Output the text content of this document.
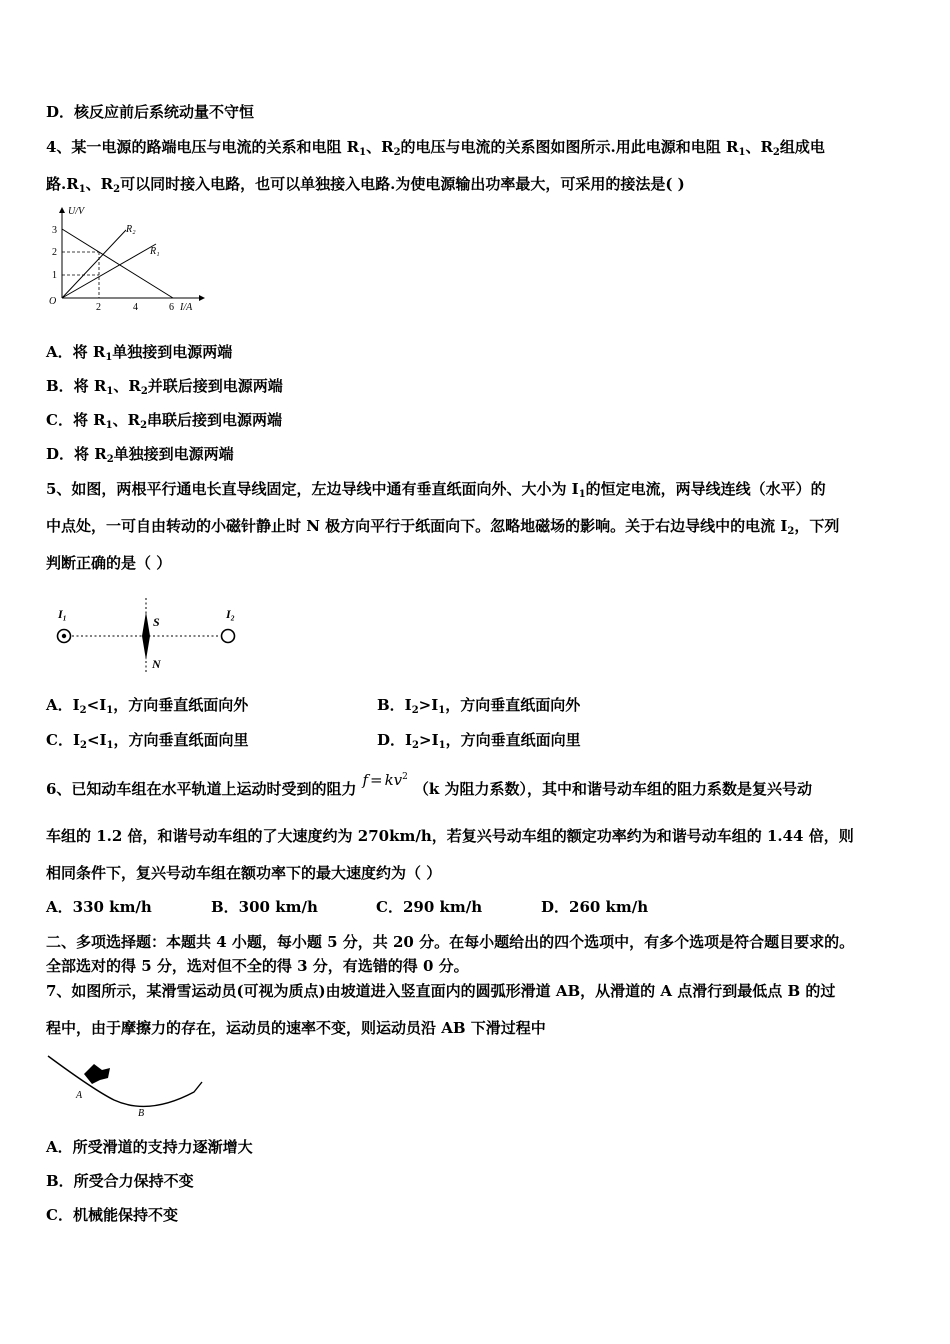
D．核反应前后系统动量不守恒
4、某一电源的路端电压与电流的关系和电阻 $R_1$、$R_2$的电压与电流的关系图如图所示.用此电源和电阻 $R_1$、$R_2$组成电
路$.R_1$、$R_2$可以同时接入电路，也可以单独接入电路.为使电源输出功率最大，可采用的接法是( )
U/V
I/A
O
1
2
3
2	4	6
R₂
R₁
A．将 $R_1$单独接到电源两端
B．将 $R_1$、$R_2$并联后接到电源两端
C．将 $R_1$、$R_2$串联后接到电源两端
D．将 $R_2$单独接到电源两端
5、如图，两根平行通电长直导线固定，左边导线中通有垂直纸面向外、大小为 $I_1$的恒定电流，两导线连线（水平）的
中点处，一可自由转动的小磁针静止时 N 极方向平行于纸面向下。忽略地磁场的影响。关于右边导线中的电流 $I_2$，下列
判断正确的是（ ）
I₁	I₂
S
N
A．$I_2<I_1$，方向垂直纸面向外	B．$I_2>I_1$，方向垂直纸面向外
C．$I_2<I_1$，方向垂直纸面向里	D．$I_2>I_1$，方向垂直纸面向里
6、已知动车组在水平轨道上运动时受到的阻力 $f = kv^2(k$ 为阻力系数），其中和谐号动车组的阻力系数是复兴号动
车组的 1.2 倍，和谐号动车组的了大速度约为 270km/h，若复兴号动车组的额定功率约为和谐号动车组的 1.44 倍，则
相同条件下，复兴号动车组在额功率下的最大速度约为（ ）
A．330 km/h	B．300 km/h	C．290 km/h	D．260 km/h
二、多项选择题：本题共 4 小题，每小题 5 分，共 20 分。在每小题给出的四个选项中，有多个选项是符合题目要求的。
全部选对的得 5 分，选对但不全的得 3 分，有选错的得 0 分。
7、如图所示，某滑雪运动员(可视为质点)由坡道进入竖直面内的圆弧形滑道 AB，从滑道的 A 点滑行到最低点 B 的过
程中，由于摩擦力的存在，运动员的速率不变，则运动员沿 AB 下滑过程中
A
B
A．所受滑道的支持力逐渐增大
B．所受合力保持不变
C．机械能保持不变
